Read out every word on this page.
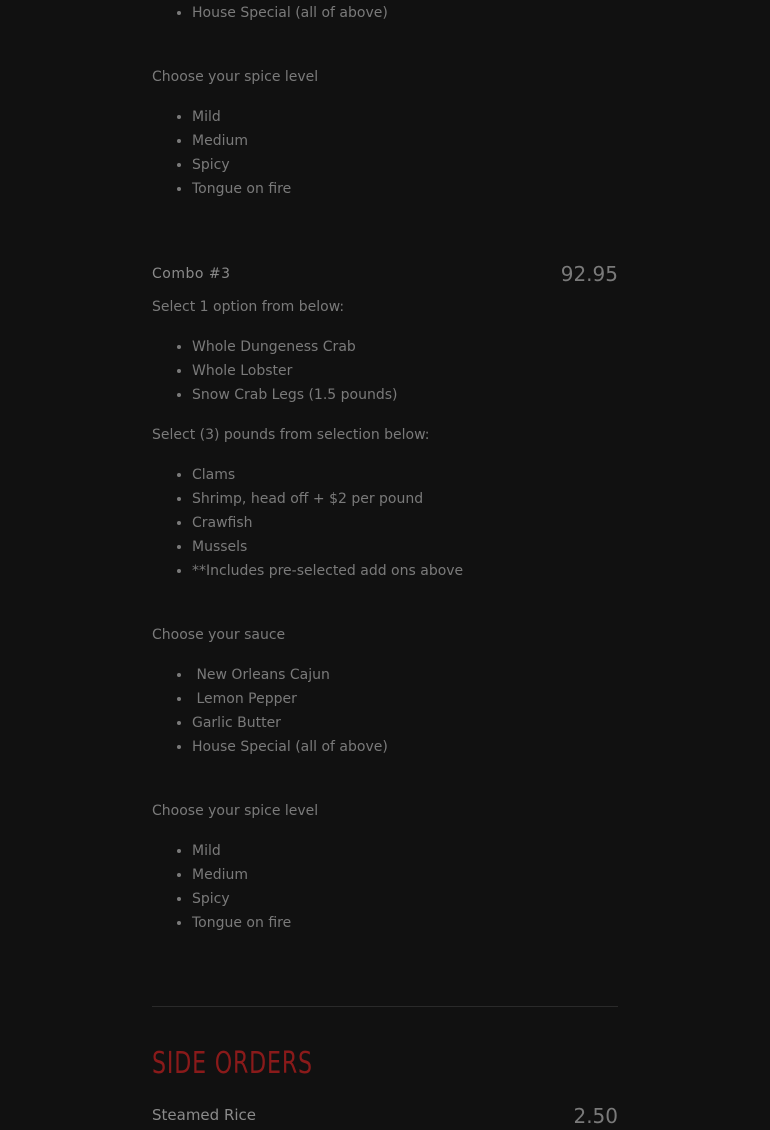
• House Special (all of above)

Choose your spice level

• Mild
• Medium
• Spicy
• Tongue on fire
Combo #3	92.95

Select 1 option from below:

• Whole Dungeness Crab
• Whole Lobster
• Snow Crab Legs (1.5 pounds)

Select (3) pounds from selection below:

• Clams
• Shrimp, head off + $2 per pound
• Crawfish
• Mussels
• **Includes pre-selected add ons above

Choose your sauce

•  New Orleans Cajun
•  Lemon Pepper
• Garlic Butter
• House Special (all of above)

Choose your spice level

• Mild
• Medium
• Spicy
• Tongue on fire
SIDE ORDERS
Steamed Rice	2.50
